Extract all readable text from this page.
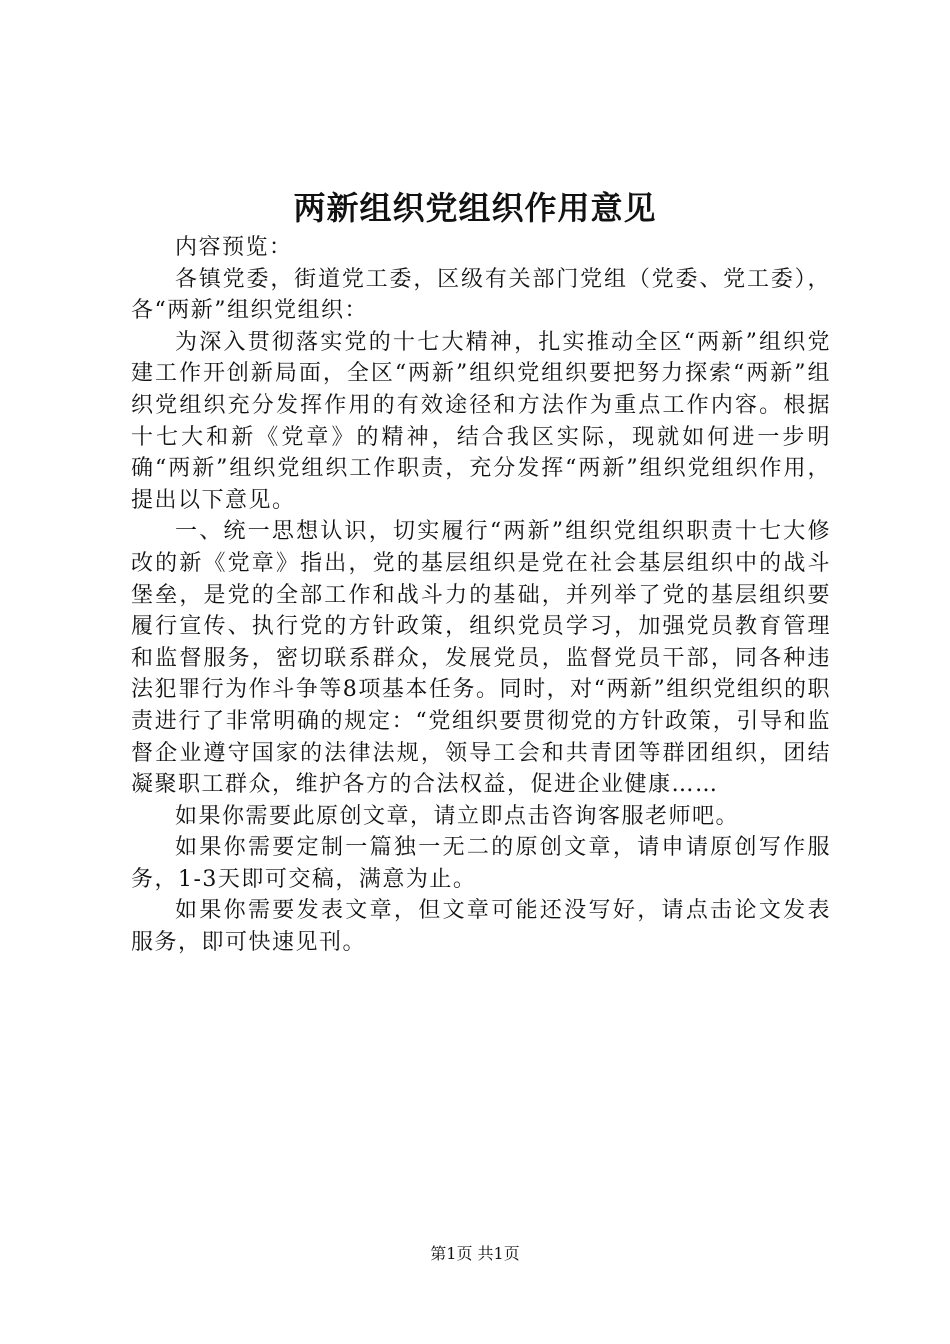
两新组织党组织作用意见

内容预览：

各镇党委，街道党工委，区级有关部门党组（党委、党工委），各“两新”组织党组织：

为深入贯彻落实党的十七大精神，扎实推动全区“两新”组织党建工作开创新局面，全区“两新”组织党组织要把努力探索“两新”组织党组织充分发挥作用的有效途径和方法作为重点工作内容。根据十七大和新《党章》的精神，结合我区实际，现就如何进一步明确“两新”组织党组织工作职责，充分发挥“两新”组织党组织作用，提出以下意见。

一、统一思想认识，切实履行“两新”组织党组织职责十七大修改的新《党章》指出，党的基层组织是党在社会基层组织中的战斗堡垒，是党的全部工作和战斗力的基础，并列举了党的基层组织要履行宣传、执行党的方针政策，组织党员学习，加强党员教育管理和监督服务，密切联系群众，发展党员，监督党员干部，同各种违法犯罪行为作斗争等8项基本任务。同时，对“两新”组织党组织的职责进行了非常明确的规定：“党组织要贯彻党的方针政策，引导和监督企业遵守国家的法律法规，领导工会和共青团等群团组织，团结凝聚职工群众，维护各方的合法权益，促进企业健康……

如果你需要此原创文章，请立即点击咨询客服老师吧。

如果你需要定制一篇独一无二的原创文章，请申请原创写作服务，1-3天即可交稿，满意为止。

如果你需要发表文章，但文章可能还没写好，请点击论文发表服务，即可快速见刊。

第1页 共1页
